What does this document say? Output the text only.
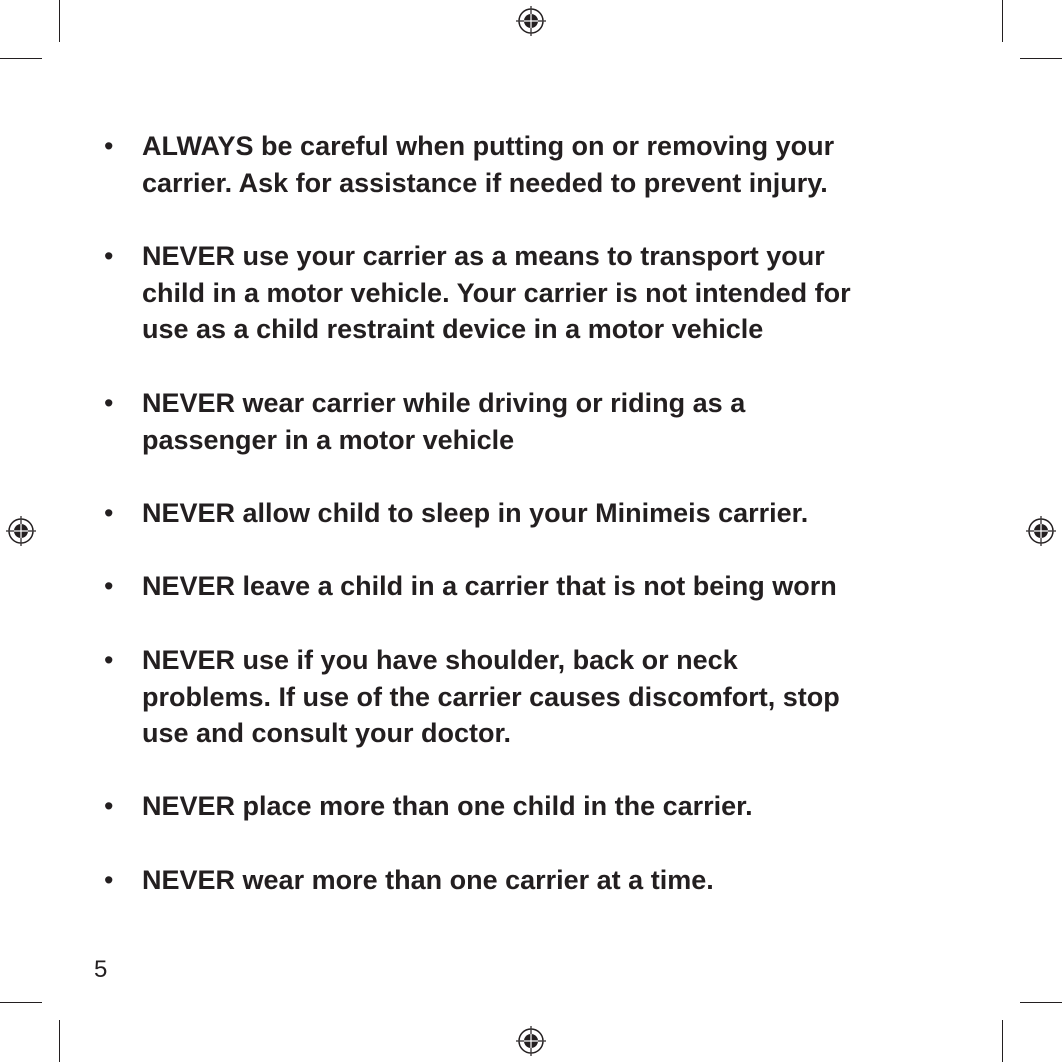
• ALWAYS be careful when putting on or removing your
carrier. Ask for assistance if needed to prevent injury.
• NEVER use your carrier as a means to transport your
child in a motor vehicle. Your carrier is not intended for
use as a child restraint device in a motor vehicle
• NEVER wear carrier while driving or riding as a
passenger in a motor vehicle
• NEVER allow child to sleep in your Minimeis carrier.
• NEVER leave a child in a carrier that is not being worn
• NEVER use if you have shoulder, back or neck
problems. If use of the carrier causes discomfort, stop
use and consult your doctor.
• NEVER place more than one child in the carrier.
• NEVER wear more than one carrier at a time.
5
